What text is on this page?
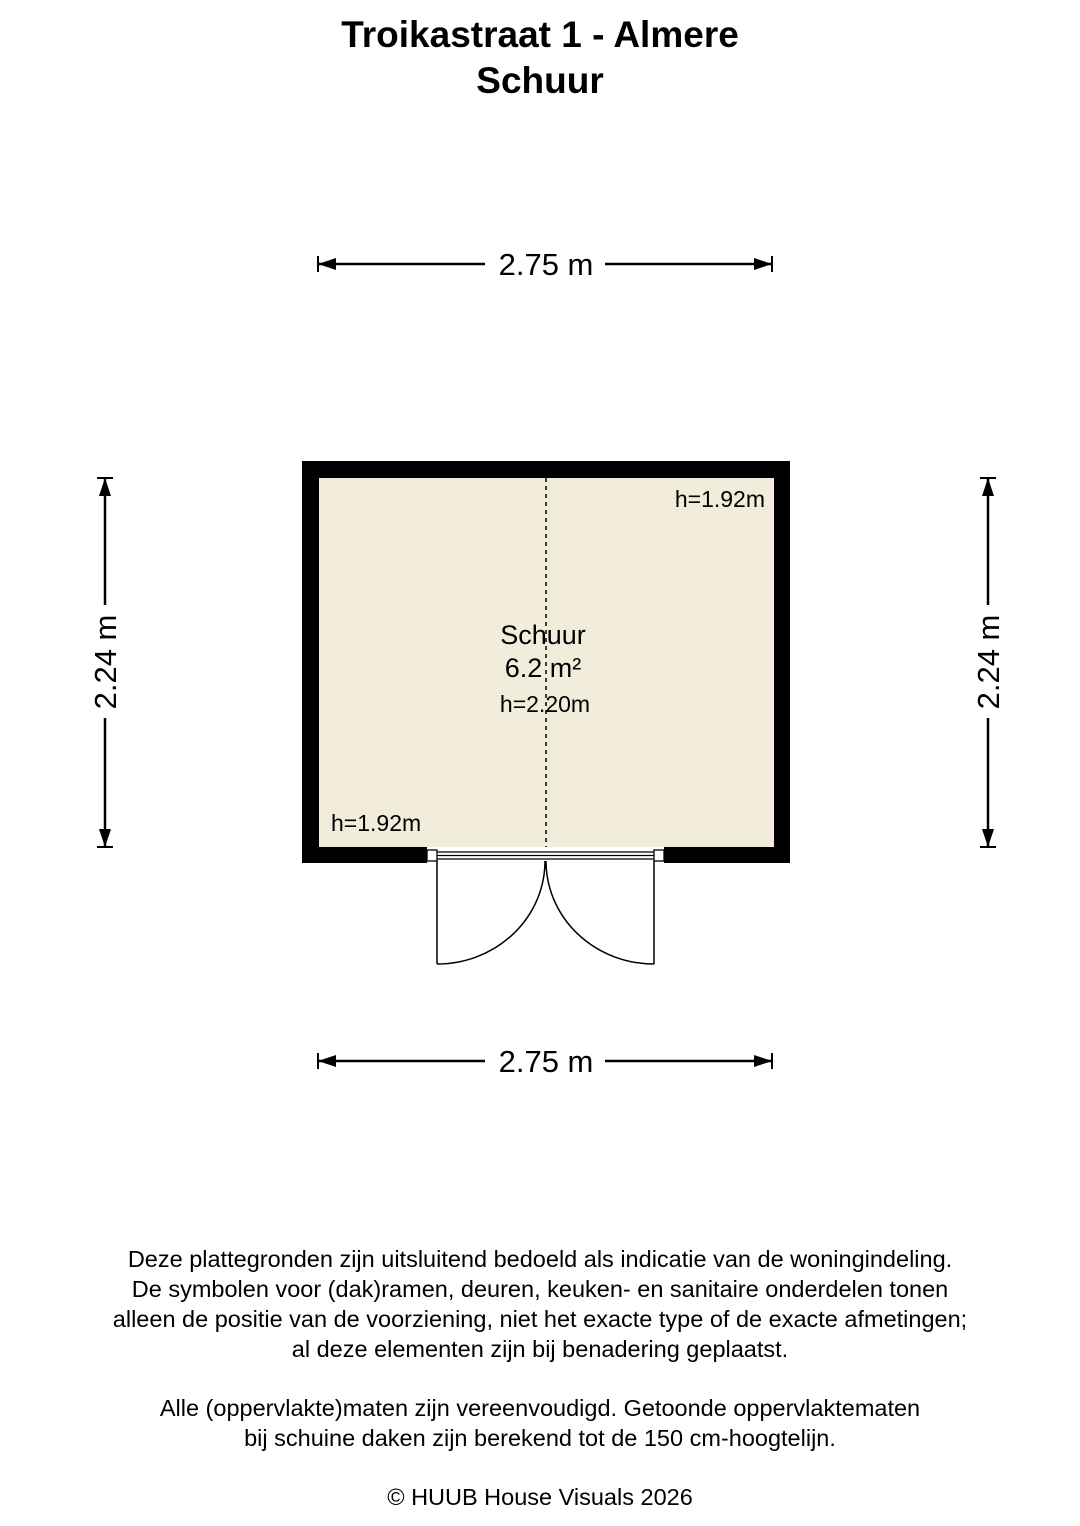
Troikastraat 1 - Almere
Schuur
2.75 m
2.75 m
2.24 m	2.24 m
Schuur
6.2 m²
h=2.20m
h=1.92m
h=1.92m
Deze plattegronden zijn uitsluitend bedoeld als indicatie van de woningindeling.
De symbolen voor (dak)ramen, deuren, keuken- en sanitaire onderdelen tonen
alleen de positie van de voorziening, niet het exacte type of de exacte afmetingen;
al deze elementen zijn bij benadering geplaatst.
Alle (oppervlakte)maten zijn vereenvoudigd. Getoonde oppervlaktematen
bij schuine daken zijn berekend tot de 150 cm-hoogtelijn.
© HUUB House Visuals 2026
